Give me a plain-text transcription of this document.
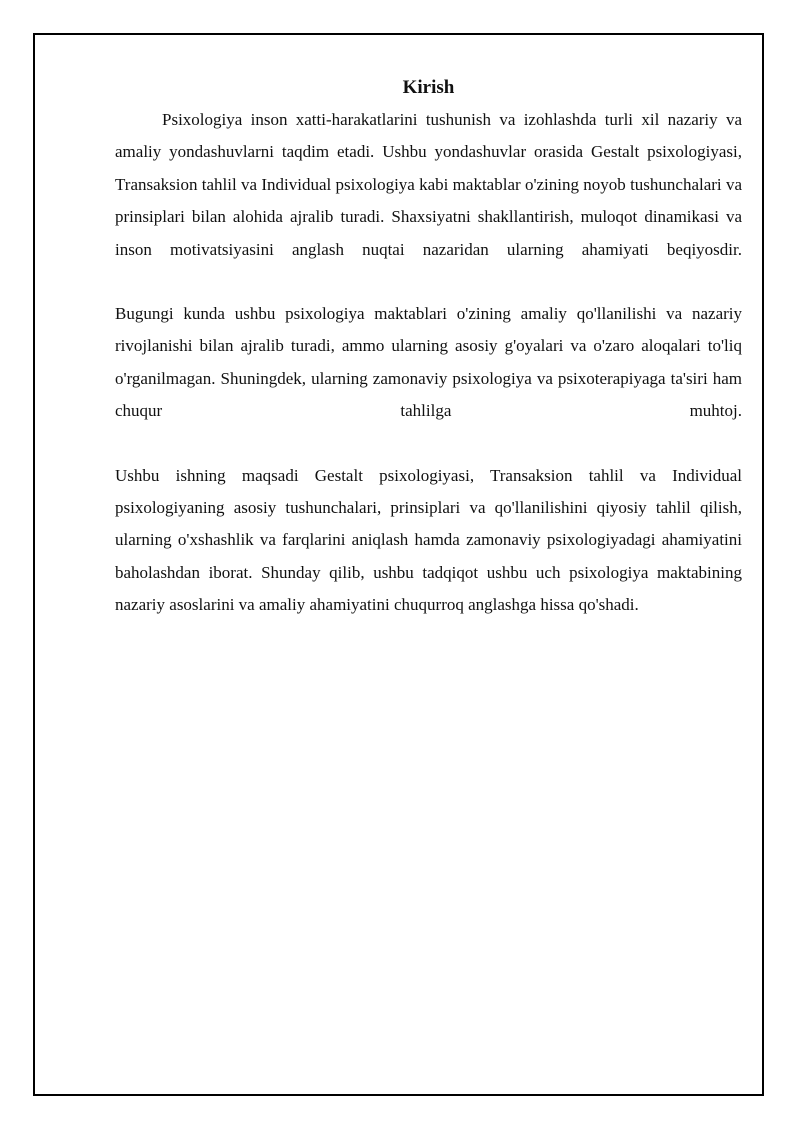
Kirish

Psixologiya inson xatti-harakatlarini tushunish va izohlashda turli xil nazariy va amaliy yondashuvlarni taqdim etadi. Ushbu yondashuvlar orasida Gestalt psixologiyasi, Transaksion tahlil va Individual psixologiya kabi maktablar o'zining noyob tushunchalari va prinsiplari bilan alohida ajralib turadi. Shaxsiyatni shakllantirish, muloqot dinamikasi va inson motivatsiyasini anglash nuqtai nazaridan ularning ahamiyati beqiyosdir.

Bugungi kunda ushbu psixologiya maktablari o'zining amaliy qo'llanilishi va nazariy rivojlanishi bilan ajralib turadi, ammo ularning asosiy g'oyalari va o'zaro aloqalari to'liq o'rganilmagan. Shuningdek, ularning zamonaviy psixologiya va psixoterapiyaga ta'siri ham chuqur tahlilga muhtoj.

Ushbu ishning maqsadi Gestalt psixologiyasi, Transaksion tahlil va Individual psixologiyaning asosiy tushunchalari, prinsiplari va qo'llanilishini qiyosiy tahlil qilish, ularning o'xshashlik va farqlarini aniqlash hamda zamonaviy psixologiyadagi ahamiyatini baholashdan iborat. Shunday qilib, ushbu tadqiqot ushbu uch psixologiya maktabining nazariy asoslarini va amaliy ahamiyatini chuqurroq anglashga hissa qo'shadi.
